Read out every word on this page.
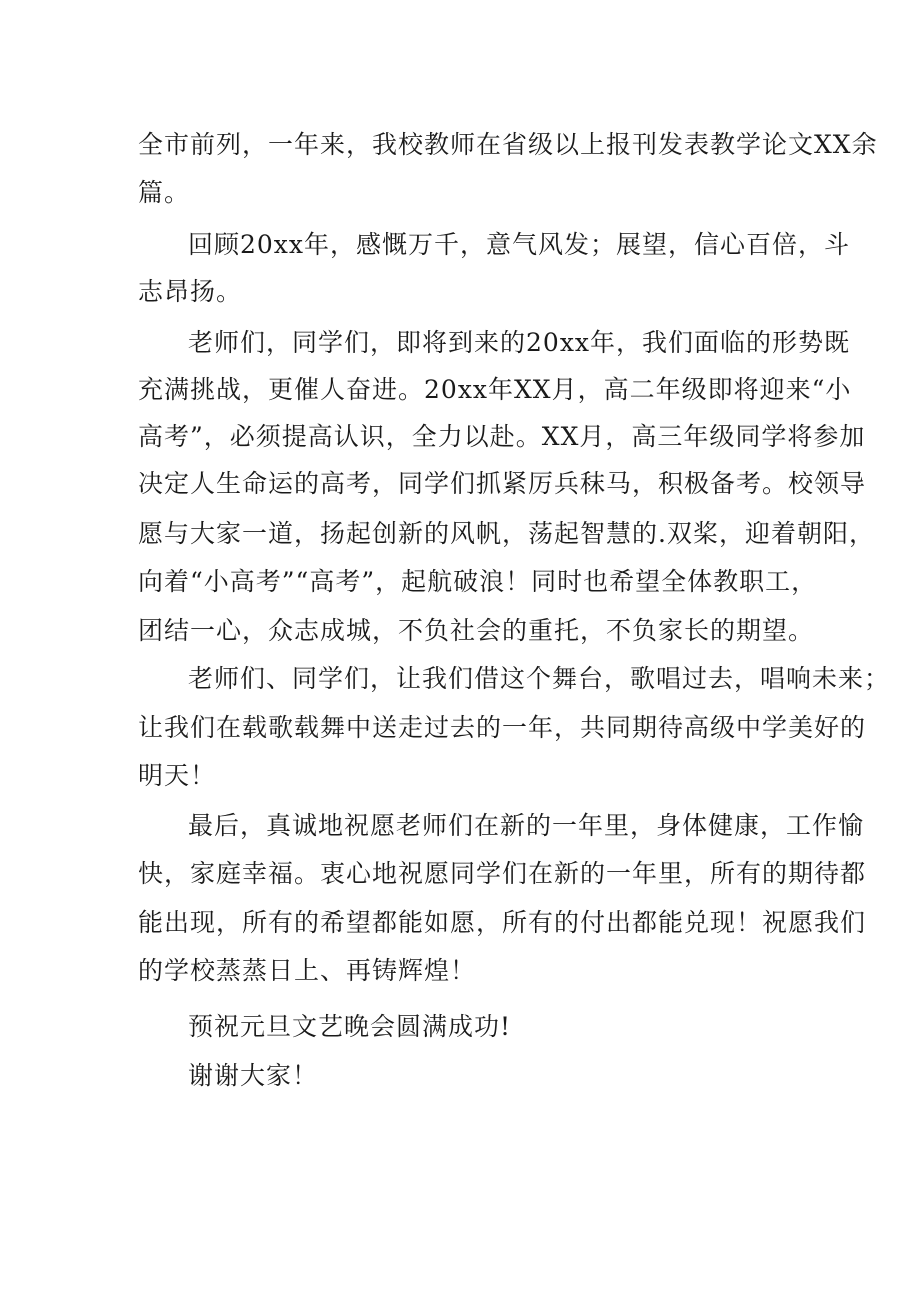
全市前列，一年来，我校教师在省级以上报刊发表教学论文XX余
篇。
回顾20xx年，感慨万千，意气风发；展望，信心百倍，斗
志昂扬。
老师们，同学们，即将到来的20xx年，我们面临的形势既
充满挑战，更催人奋进。20xx年XX月，高二年级即将迎来“小
高考”，必须提高认识，全力以赴。XX月，高三年级同学将参加
决定人生命运的高考，同学们抓紧厉兵秣马，积极备考。校领导
愿与大家一道，扬起创新的风帆，荡起智慧的.双桨，迎着朝阳，
向着“小高考”“高考”，起航破浪！同时也希望全体教职工，
团结一心，众志成城，不负社会的重托，不负家长的期望。
老师们、同学们，让我们借这个舞台，歌唱过去，唱响未来；
让我们在载歌载舞中送走过去的一年，共同期待高级中学美好的
明天！
最后，真诚地祝愿老师们在新的一年里，身体健康，工作愉
快，家庭幸福。衷心地祝愿同学们在新的一年里，所有的期待都
能出现，所有的希望都能如愿，所有的付出都能兑现！祝愿我们
的学校蒸蒸日上、再铸辉煌！
预祝元旦文艺晚会圆满成功!
谢谢大家！
